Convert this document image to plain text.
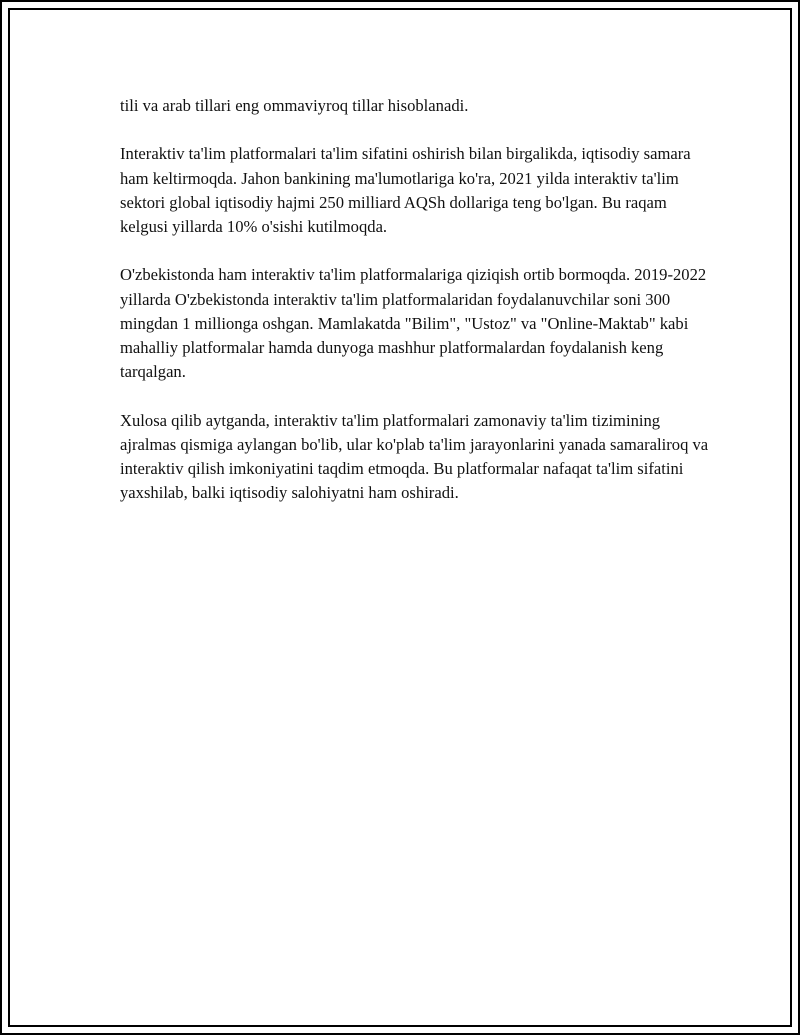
tili va arab tillari eng ommaviyroq tillar hisoblanadi.

Interaktiv ta'lim platformalari ta'lim sifatini oshirish bilan birgalikda, iqtisodiy samara ham keltirmoqda. Jahon bankining ma'lumotlariga ko'ra, 2021 yilda interaktiv ta'lim sektori global iqtisodiy hajmi 250 milliard AQSh dollariga teng bo'lgan. Bu raqam kelgusi yillarda 10% o'sishi kutilmoqda.

O'zbekistonda ham interaktiv ta'lim platformalariga qiziqish ortib bormoqda. 2019-2022 yillarda O'zbekistonda interaktiv ta'lim platformalaridan foydalanuvchilar soni 300 mingdan 1 millionga oshgan. Mamlakatda "Bilim", "Ustoz" va "Online-Maktab" kabi mahalliy platformalar hamda dunyoga mashhur platformalardan foydalanish keng tarqalgan.

Xulosa qilib aytganda, interaktiv ta'lim platformalari zamonaviy ta'lim tizimining ajralmas qismiga aylangan bo'lib, ular ko'plab ta'lim jarayonlarini yanada samaraliroq va interaktiv qilish imkoniyatini taqdim etmoqda. Bu platformalar nafaqat ta'lim sifatini yaxshilab, balki iqtisodiy salohiyatni ham oshiradi.
